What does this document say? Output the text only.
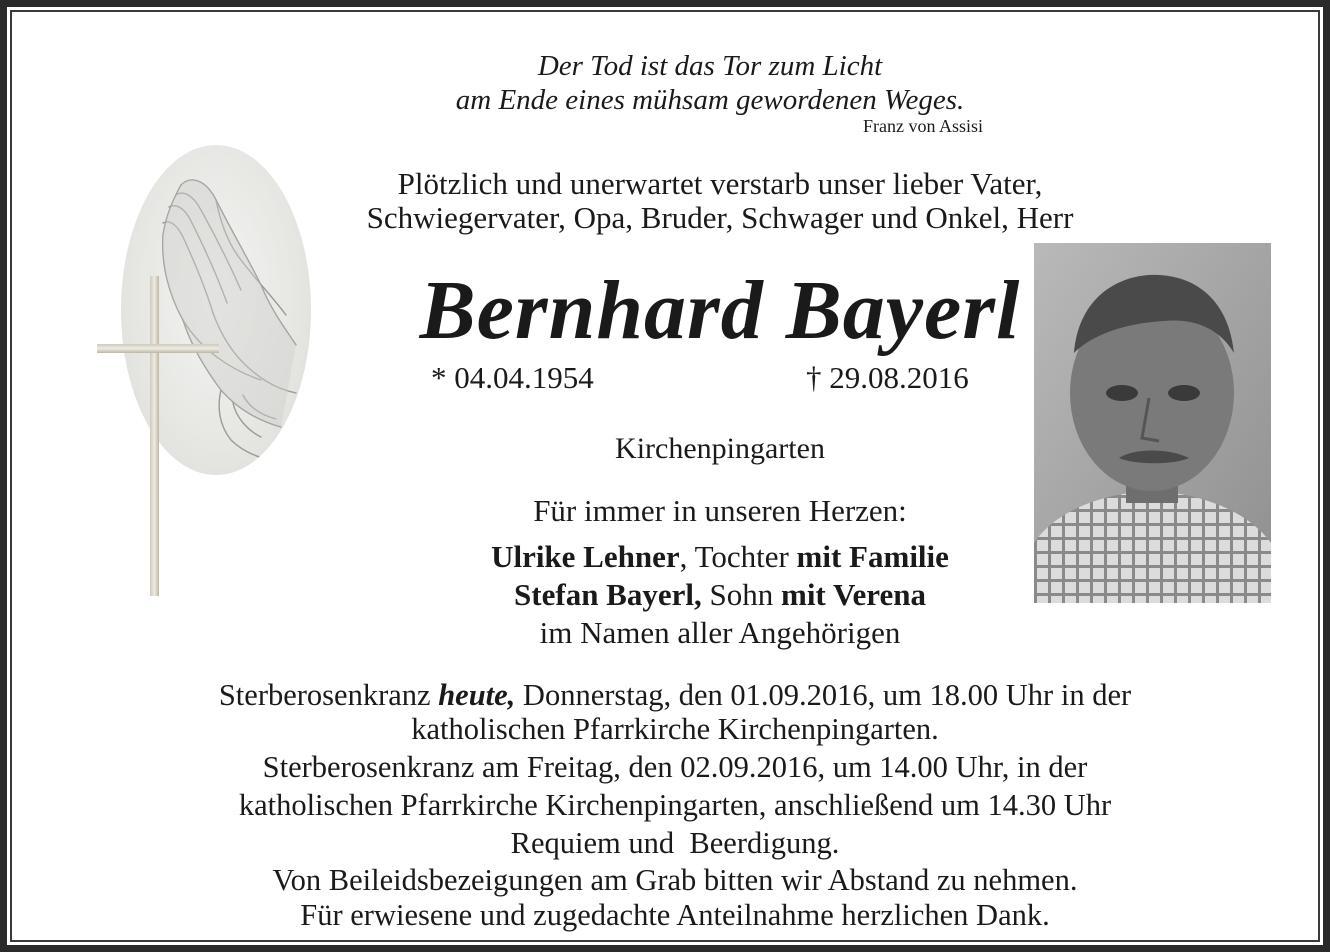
Der Tod ist das Tor zum Licht
am Ende eines mühsam gewordenen Weges.
Franz von Assisi
Plötzlich und unerwartet verstarb unser lieber Vater,
Schwiegervater, Opa, Bruder, Schwager und Onkel, Herr
Bernhard Bayerl
* 04.04.1954	† 29.08.2016
Kirchenpingarten
Für immer in unseren Herzen:
Ulrike Lehner, Tochter mit Familie
Stefan Bayerl, Sohn mit Verena
im Namen aller Angehörigen
Sterberosenkranz heute, Donnerstag, den 01.09.2016, um 18.00 Uhr in der
katholischen Pfarrkirche Kirchenpingarten.
Sterberosenkranz am Freitag, den 02.09.2016, um 14.00 Uhr, in der
katholischen Pfarrkirche Kirchenpingarten, anschließend um 14.30 Uhr
Requiem und  Beerdigung.
Von Beileidsbezeigungen am Grab bitten wir Abstand zu nehmen.
Für erwiesene und zugedachte Anteilnahme herzlichen Dank.
